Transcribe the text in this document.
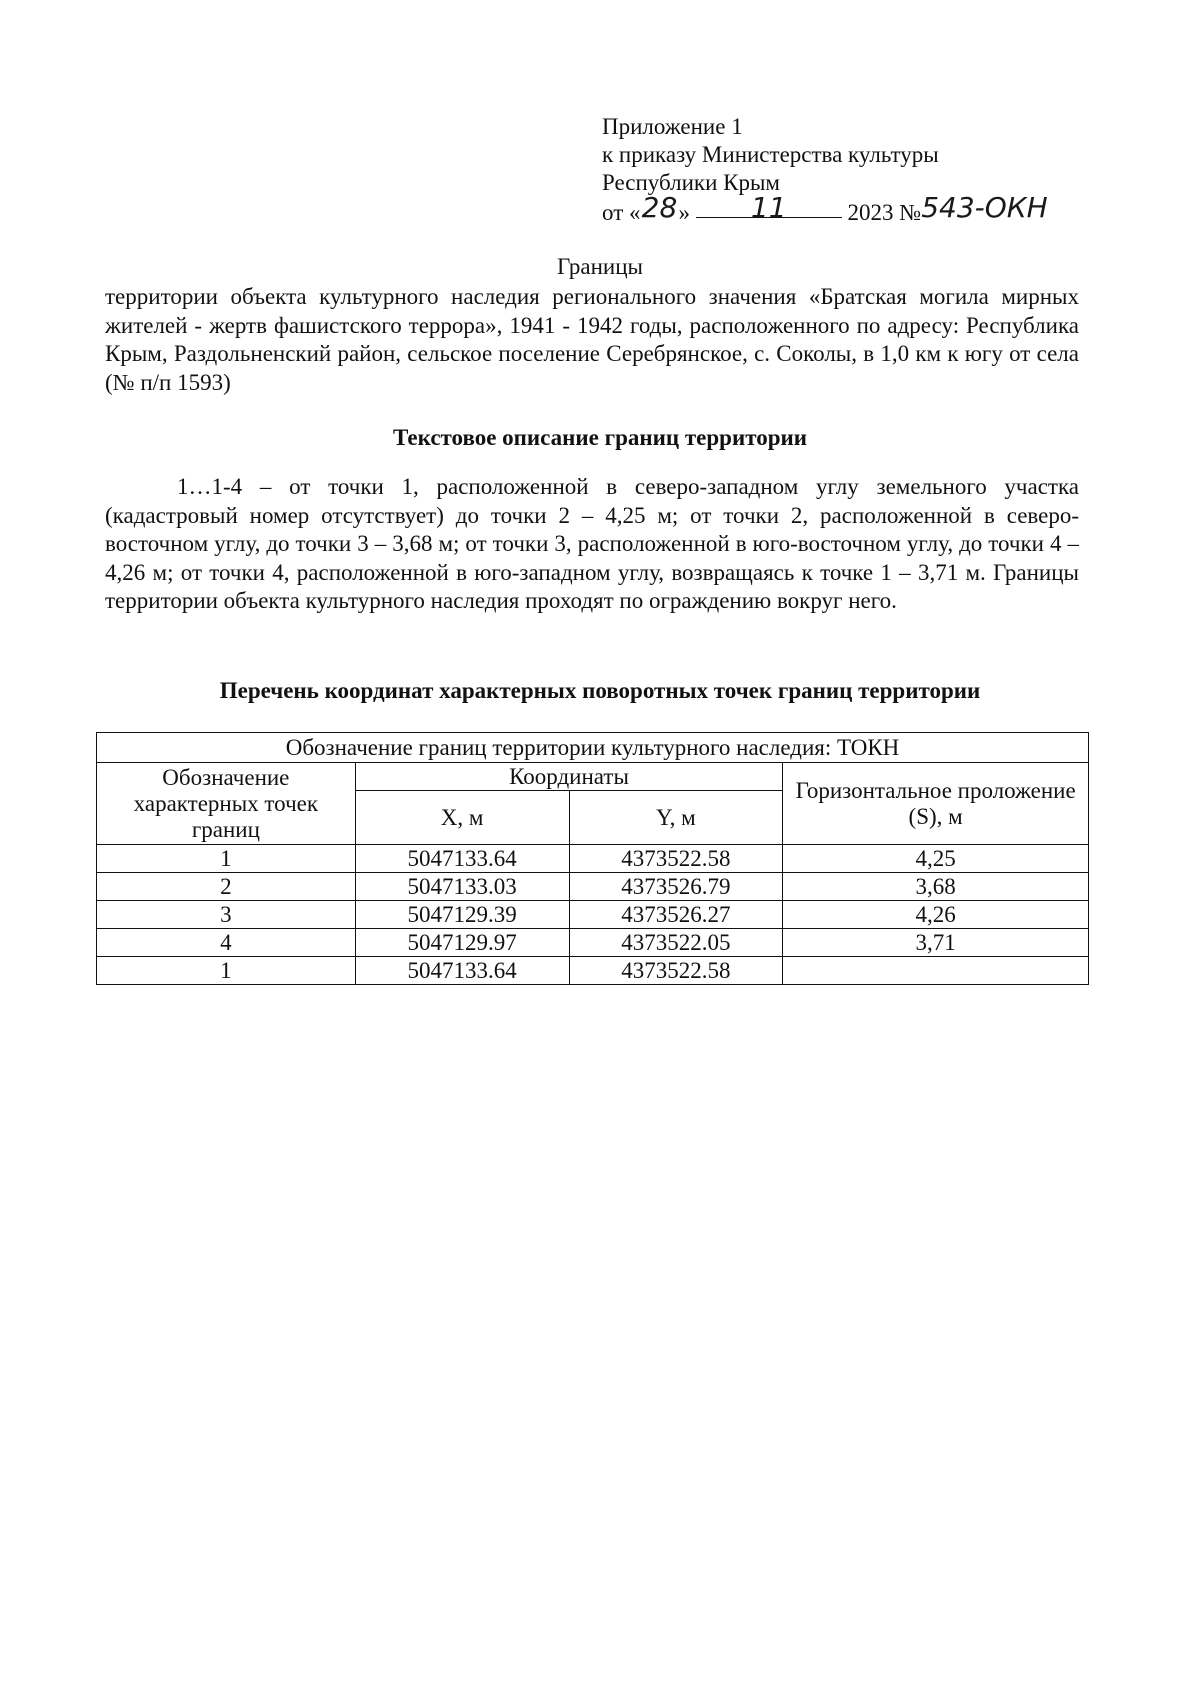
Приложение 1
к приказу Министерства культуры
Республики Крым
от «28» 11	2023 №543-ОКН
Границы
территории объекта культурного наследия регионального значения «Братская могила мирных жителей - жертв фашистского террора», 1941 - 1942 годы, расположенного по адресу: Республика Крым, Раздольненский район, сельское поселение Серебрянское, с. Соколы, в 1,0 км к югу от села (№ п/п 1593)
Текстовое описание границ территории
1…1-4 – от точки 1, расположенной в северо-западном углу земельного участка (кадастровый номер отсутствует) до точки 2 – 4,25 м; от точки 2, расположенной в северо-восточном углу, до точки 3 – 3,68 м; от точки 3, расположенной в юго-восточном углу, до точки 4 – 4,26 м; от точки 4, расположенной в юго-западном углу, возвращаясь к точке 1 – 3,71 м. Границы территории объекта культурного наследия проходят по ограждению вокруг него.
Перечень координат характерных поворотных точек границ территории
Обозначение границ территории культурного наследия: ТОКН			
Обозначение характерных точек границ	Координаты		Горизонтальное проложение (S), м
	X, м	Y, м	
1	5047133.64	4373522.58	4,25
2	5047133.03	4373526.79	3,68
3	5047129.39	4373526.27	4,26
4	5047129.97	4373522.05	3,71
1	5047133.64	4373522.58	
